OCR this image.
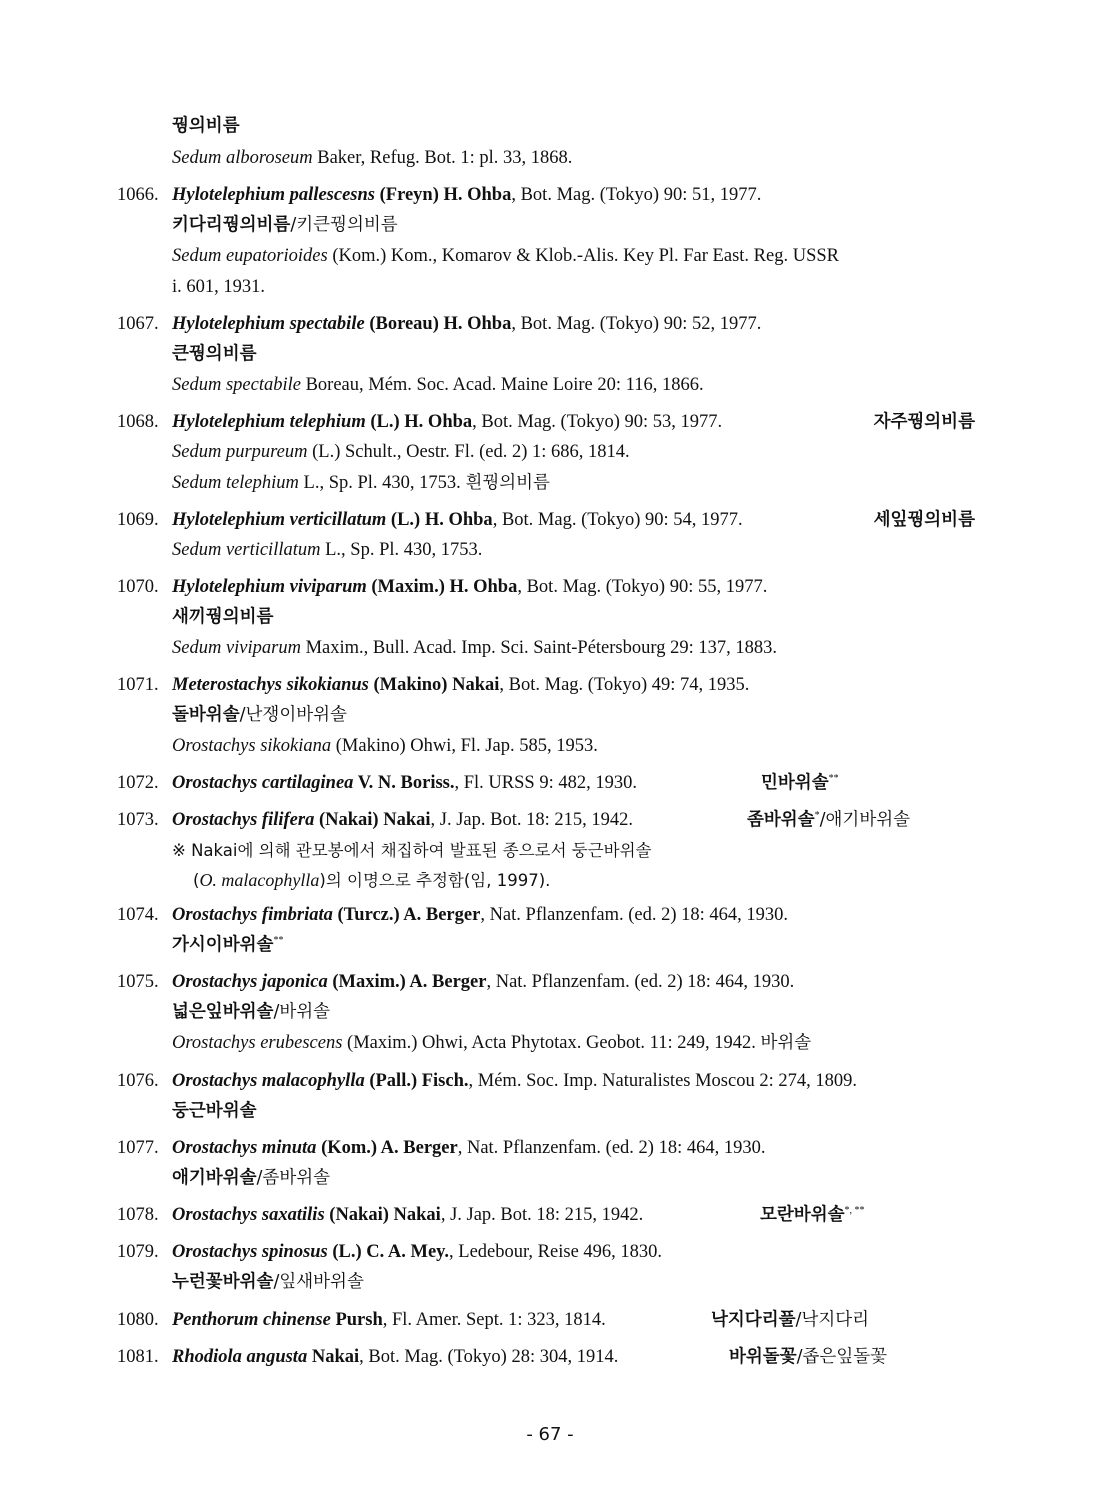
꿩의비름
Sedum alboroseum Baker, Refug. Bot. 1: pl. 33, 1868.
1066. Hylotelephium pallescesns (Freyn) H. Ohba, Bot. Mag. (Tokyo) 90: 51, 1977.
키다리꿩의비름/키큰꿩의비름
Sedum eupatorioides (Kom.) Kom., Komarov & Klob.-Alis. Key Pl. Far East. Reg. USSR
i. 601, 1931.
1067. Hylotelephium spectabile (Boreau) H. Ohba, Bot. Mag. (Tokyo) 90: 52, 1977.
큰꿩의비름
Sedum spectabile Boreau, Mém. Soc. Acad. Maine Loire 20: 116, 1866.
1068. Hylotelephium telephium (L.) H. Ohba, Bot. Mag. (Tokyo) 90: 53, 1977.	자주꿩의비름
Sedum purpureum (L.) Schult., Oestr. Fl. (ed. 2) 1: 686, 1814.
Sedum telephium L., Sp. Pl. 430, 1753. 흰꿩의비름
1069. Hylotelephium verticillatum (L.) H. Ohba, Bot. Mag. (Tokyo) 90: 54, 1977.	세잎꿩의비름
Sedum verticillatum L., Sp. Pl. 430, 1753.
1070. Hylotelephium viviparum (Maxim.) H. Ohba, Bot. Mag. (Tokyo) 90: 55, 1977.
새끼꿩의비름
Sedum viviparum Maxim., Bull. Acad. Imp. Sci. Saint-Pétersbourg 29: 137, 1883.
1071. Meterostachys sikokianus (Makino) Nakai, Bot. Mag. (Tokyo) 49: 74, 1935.
돌바위솔/난쟁이바위솔
Orostachys sikokiana (Makino) Ohwi, Fl. Jap. 585, 1953.
1072. Orostachys cartilaginea V. N. Boriss., Fl. URSS 9: 482, 1930.	민바위솔**
1073. Orostachys filifera (Nakai) Nakai, J. Jap. Bot. 18: 215, 1942.	좀바위솔*/애기바위솔
※ Nakai에 의해 관모봉에서 채집하여 발표된 종으로서 둥근바위솔
(O. malacophylla)의 이명으로 추정함(임, 1997).
1074. Orostachys fimbriata (Turcz.) A. Berger, Nat. Pflanzenfam. (ed. 2) 18: 464, 1930.
가시이바위솔**
1075. Orostachys japonica (Maxim.) A. Berger, Nat. Pflanzenfam. (ed. 2) 18: 464, 1930.
넓은잎바위솔/바위솔
Orostachys erubescens (Maxim.) Ohwi, Acta Phytotax. Geobot. 11: 249, 1942. 바위솔
1076. Orostachys malacophylla (Pall.) Fisch., Mém. Soc. Imp. Naturalistes Moscou 2: 274, 1809.
둥근바위솔
1077. Orostachys minuta (Kom.) A. Berger, Nat. Pflanzenfam. (ed. 2) 18: 464, 1930.
애기바위솔/좀바위솔
1078. Orostachys saxatilis (Nakai) Nakai, J. Jap. Bot. 18: 215, 1942.	모란바위솔*, **
1079. Orostachys spinosus (L.) C. A. Mey., Ledebour, Reise 496, 1830.
누런꽃바위솔/잎새바위솔
1080. Penthorum chinense Pursh, Fl. Amer. Sept. 1: 323, 1814.	낙지다리풀/낙지다리
1081. Rhodiola angusta Nakai, Bot. Mag. (Tokyo) 28: 304, 1914.	바위돌꽃/좁은잎돌꽃
- 67 -
